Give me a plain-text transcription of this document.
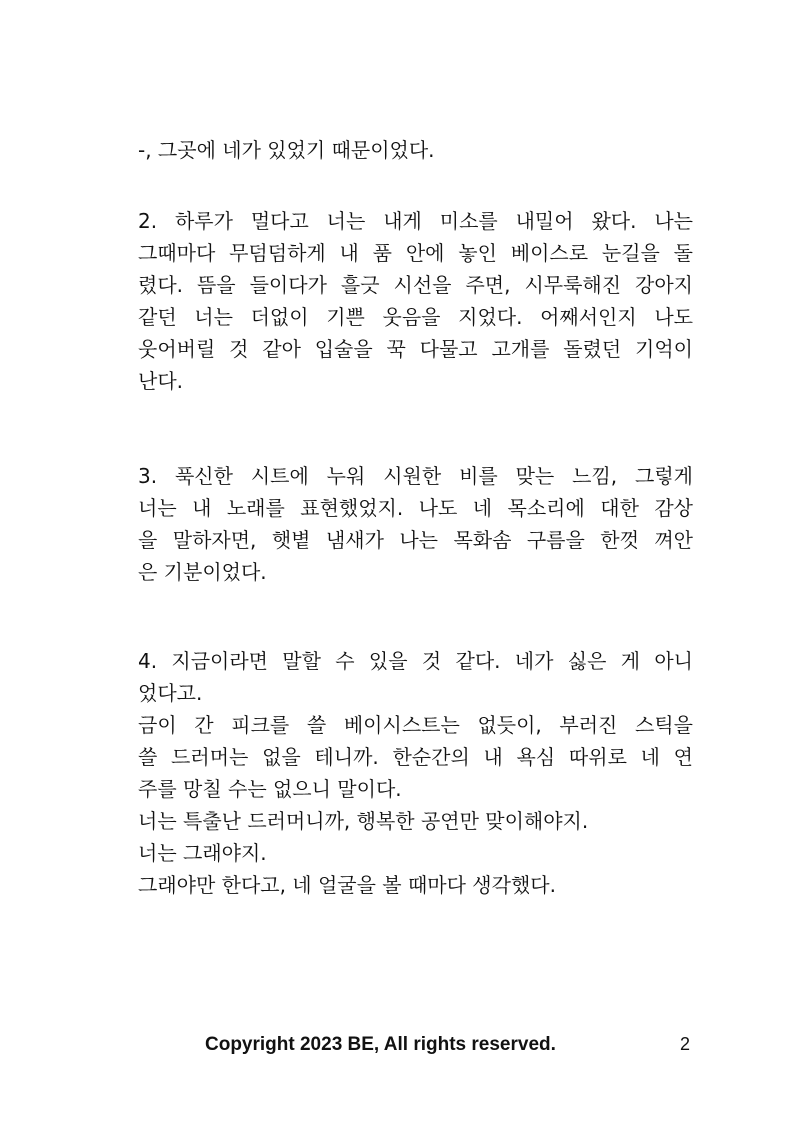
-, 그곳에 네가 있었기 때문이었다.
2. 하루가 멀다고 너는 내게 미소를 내밀어 왔다. 나는
그때마다 무덤덤하게 내 품 안에 놓인 베이스로 눈길을 돌
렸다. 뜸을 들이다가 흘긋 시선을 주면, 시무룩해진 강아지
같던 너는 더없이 기쁜 웃음을 지었다. 어째서인지 나도
웃어버릴 것 같아 입술을 꾹 다물고 고개를 돌렸던 기억이
난다.
3. 푹신한 시트에 누워 시원한 비를 맞는 느낌, 그렇게
너는 내 노래를 표현했었지. 나도 네 목소리에 대한 감상
을 말하자면, 햇볕 냄새가 나는 목화솜 구름을 한껏 껴안
은 기분이었다.
4. 지금이라면 말할 수 있을 것 같다. 네가 싫은 게 아니
었다고.
금이 간 피크를 쓸 베이시스트는 없듯이, 부러진 스틱을
쓸 드러머는 없을 테니까. 한순간의 내 욕심 따위로 네 연
주를 망칠 수는 없으니 말이다.
너는 특출난 드러머니까, 행복한 공연만 맞이해야지.
너는 그래야지.
그래야만 한다고, 네 얼굴을 볼 때마다 생각했다.
Copyright 2023 BE, All rights reserved.	2
